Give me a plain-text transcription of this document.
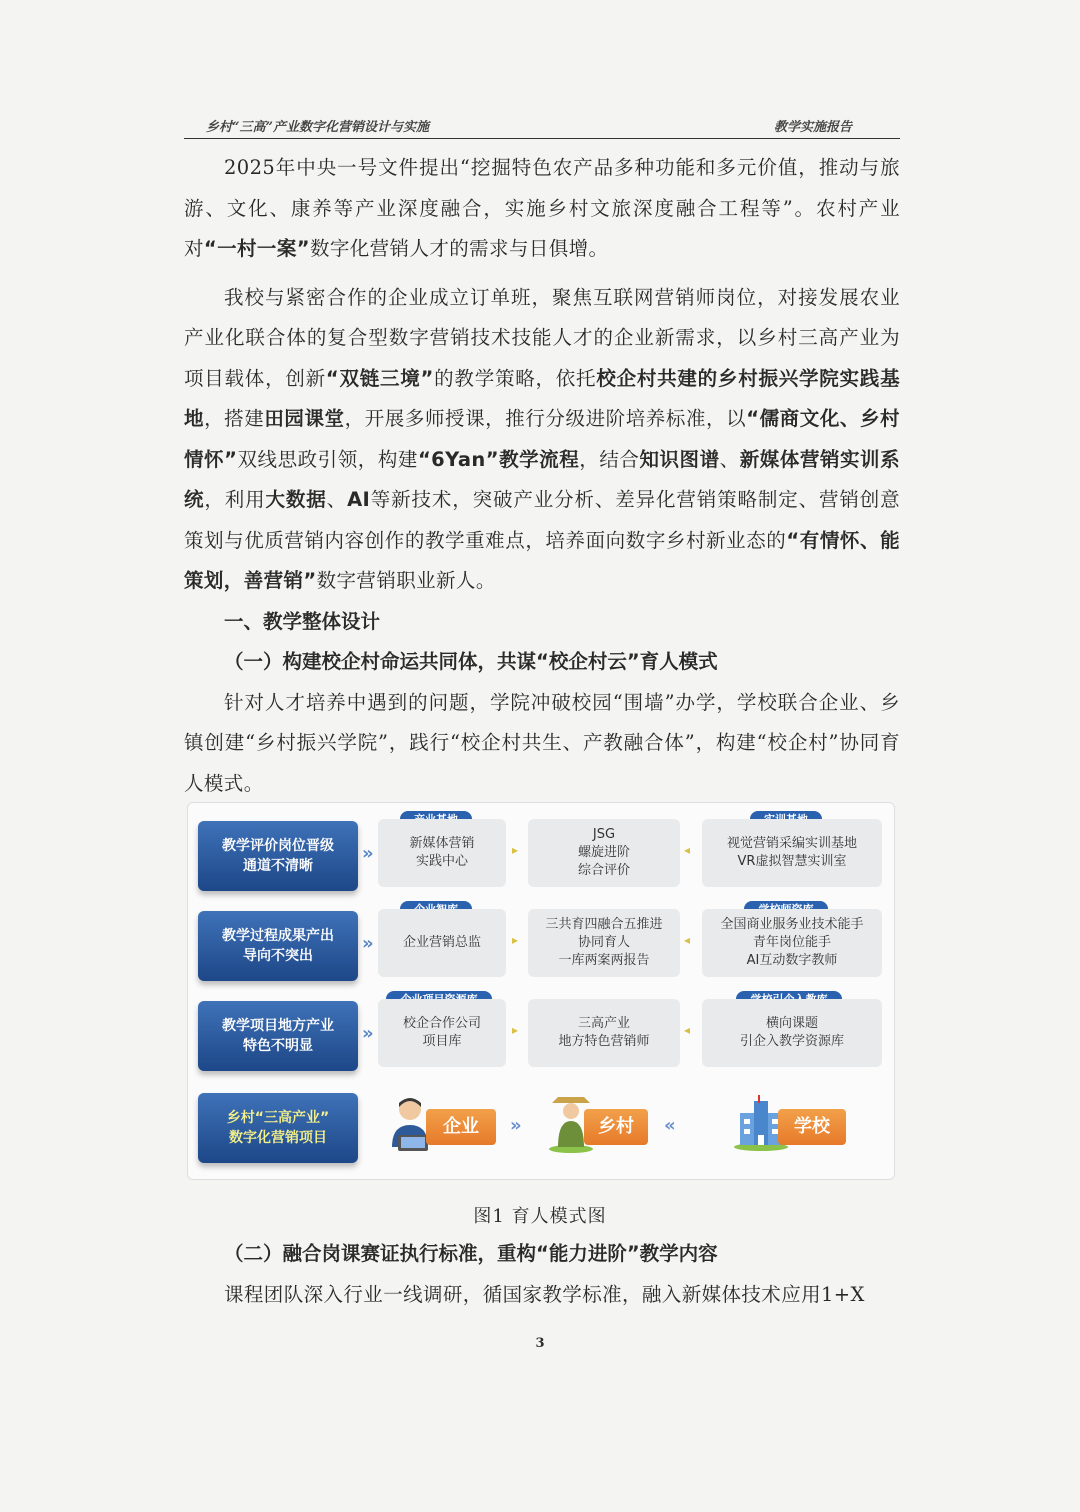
乡村“三高”产业数字化营销设计与实施	教学实施报告

2025年中央一号文件提出“挖掘特色农产品多种功能和多元价值，推动与旅游、文化、康养等产业深度融合，实施乡村文旅深度融合工程等”。农村产业对“一村一案”数字化营销人才的需求与日俱增。

我校与紧密合作的企业成立订单班，聚焦互联网营销师岗位，对接发展农业产业化联合体的复合型数字营销技术技能人才的企业新需求，以乡村三高产业为项目载体，创新“双链三境”的教学策略，依托校企村共建的乡村振兴学院实践基地，搭建田园课堂，开展多师授课，推行分级进阶培养标准，以“儒商文化、乡村情怀”双线思政引领，构建“6Yan”教学流程，结合知识图谱、新媒体营销实训系统，利用大数据、AI等新技术，突破产业分析、差异化营销策略制定、营销创意策划与优质营销内容创作的教学重难点，培养面向数字乡村新业态的“有情怀、能策划，善营销”数字营销职业新人。

一、教学整体设计

（一）构建校企村命运共同体，共谋“校企村云”育人模式

针对人才培养中遇到的问题，学院冲破校园“围墙”办学，学校联合企业、乡镇创建“乡村振兴学院”，践行“校企村共生、产教融合体”，构建“校企村”协同育人模式。

教学评价岗位晋级
通道不清晰
»	新媒体营销
实践中心
▸
JSG
螺旋进阶
综合评价
◂	视觉营销采编实训基地
VR虚拟智慧实训室
教学过程成果产出
导向不突出
» 企业营销总监	▸
三共育四融合五推进
协同育人
一库两案两报告
◂
全国商业服务业技术能手
青年岗位能手
AI互动数字教师
教学项目地方产业
特色不明显
» 校企合作公司
项目库
▸	三高产业
地方特色营销师
◂	横向课题
引企入教学资源库
乡村“三高产业”
数字化营销项目
企业	»	乡村	«	学校
图1 育人模式图

（二）融合岗课赛证执行标准，重构“能力进阶”教学内容

课程团队深入行业一线调研，循国家教学标准，融入新媒体技术应用1+X

3
